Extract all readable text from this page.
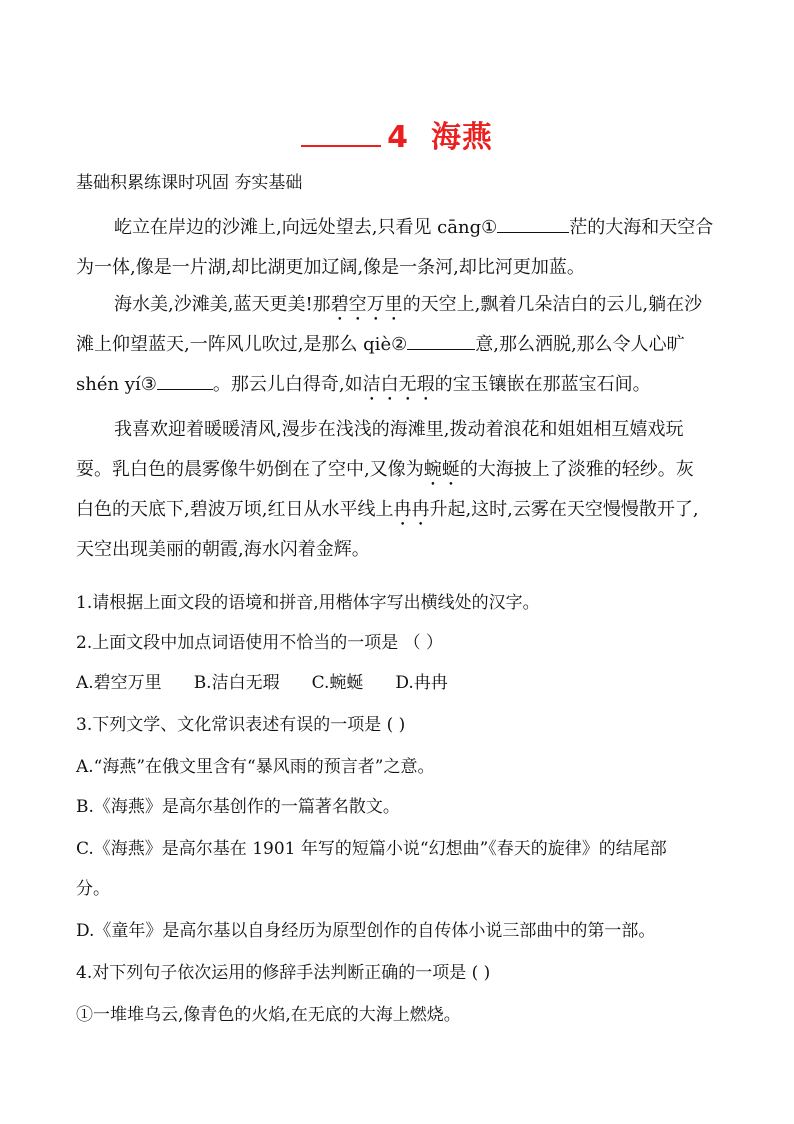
4 海燕
基础积累练课时巩固 夯实基础

屹立在岸边的沙滩上,向远处望去,只看见 cāng①	茫的大海和天空合
为一体,像是一片湖,却比湖更加辽阔,像是一条河,却比河更加蓝。

海水美,沙滩美,蓝天更美!那碧空万里的天空上,飘着几朵洁白的云儿,躺在沙
滩上仰望蓝天,一阵风儿吹过,是那么 qiè②	意,那么洒脱,那么令人心旷
shén yí③	。那云儿白得奇,如洁白无瑕的宝玉镶嵌在那蓝宝石间。

我喜欢迎着暖暖清风,漫步在浅浅的海滩里,拨动着浪花和姐姐相互嬉戏玩
耍。乳白色的晨雾像牛奶倒在了空中,又像为蜿蜒的大海披上了淡雅的轻纱。灰
白色的天底下,碧波万顷,红日从水平线上冉冉升起,这时,云雾在天空慢慢散开了,
天空出现美丽的朝霞,海水闪着金辉。

1.请根据上面文段的语境和拼音,用楷体字写出横线处的汉字。
2.上面文段中加点词语使用不恰当的一项是 （ ）
A.碧空万里 B.洁白无瑕 C.蜿蜒 D.冉冉
3.下列文学、文化常识表述有误的一项是 ( )
A.“海燕”在俄文里含有“暴风雨的预言者”之意。
B.《海燕》是高尔基创作的一篇著名散文。
C.《海燕》是高尔基在 1901 年写的短篇小说“幻想曲”《春天的旋律》的结尾部
分。
D.《童年》是高尔基以自身经历为原型创作的自传体小说三部曲中的第一部。
4.对下列句子依次运用的修辞手法判断正确的一项是 ( )
①一堆堆乌云,像青色的火焰,在无底的大海上燃烧。
